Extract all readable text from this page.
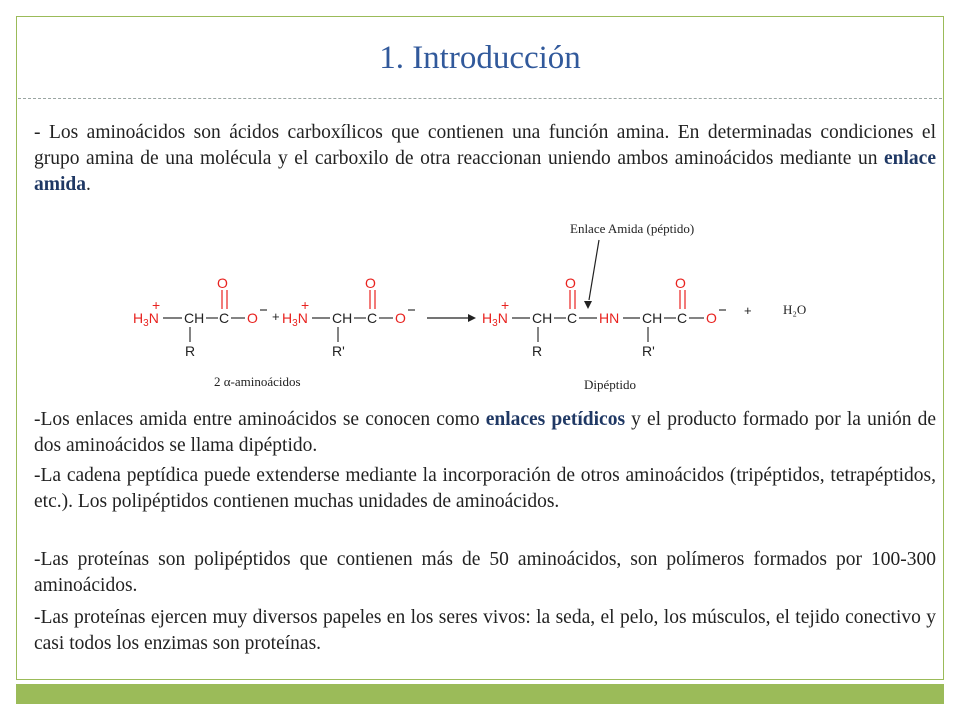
1. Introducción

- Los aminoácidos son ácidos carboxílicos que contienen una función amina. En determinadas condiciones el grupo amina de una molécula y el carboxilo de otra reaccionan uniendo ambos aminoácidos mediante un enlace amida.

Enlace Amida (péptido)
$H_3N$
+
CH C
O
O
R
+ $H_3N$
+
CH C
O
O
R'
$H_3N$
+
CH C
O
HN CH C
O
O
R	R'
+ H₂O
2 α-aminoácidos	Dipéptido

-Los enlaces amida entre aminoácidos se conocen como enlaces petídicos y el producto formado por la unión de dos aminoácidos se llama dipéptido.

-La cadena peptídica puede extenderse mediante la incorporación de otros aminoácidos (tripéptidos, tetrapéptidos, etc.). Los polipéptidos contienen muchas unidades de aminoácidos.

-Las proteínas son polipéptidos que contienen más de 50 aminoácidos, son polímeros formados por 100-300 aminoácidos.

-Las proteínas ejercen muy diversos papeles en los seres vivos: la seda, el pelo, los músculos, el tejido conectivo y casi todos los enzimas son proteínas.
